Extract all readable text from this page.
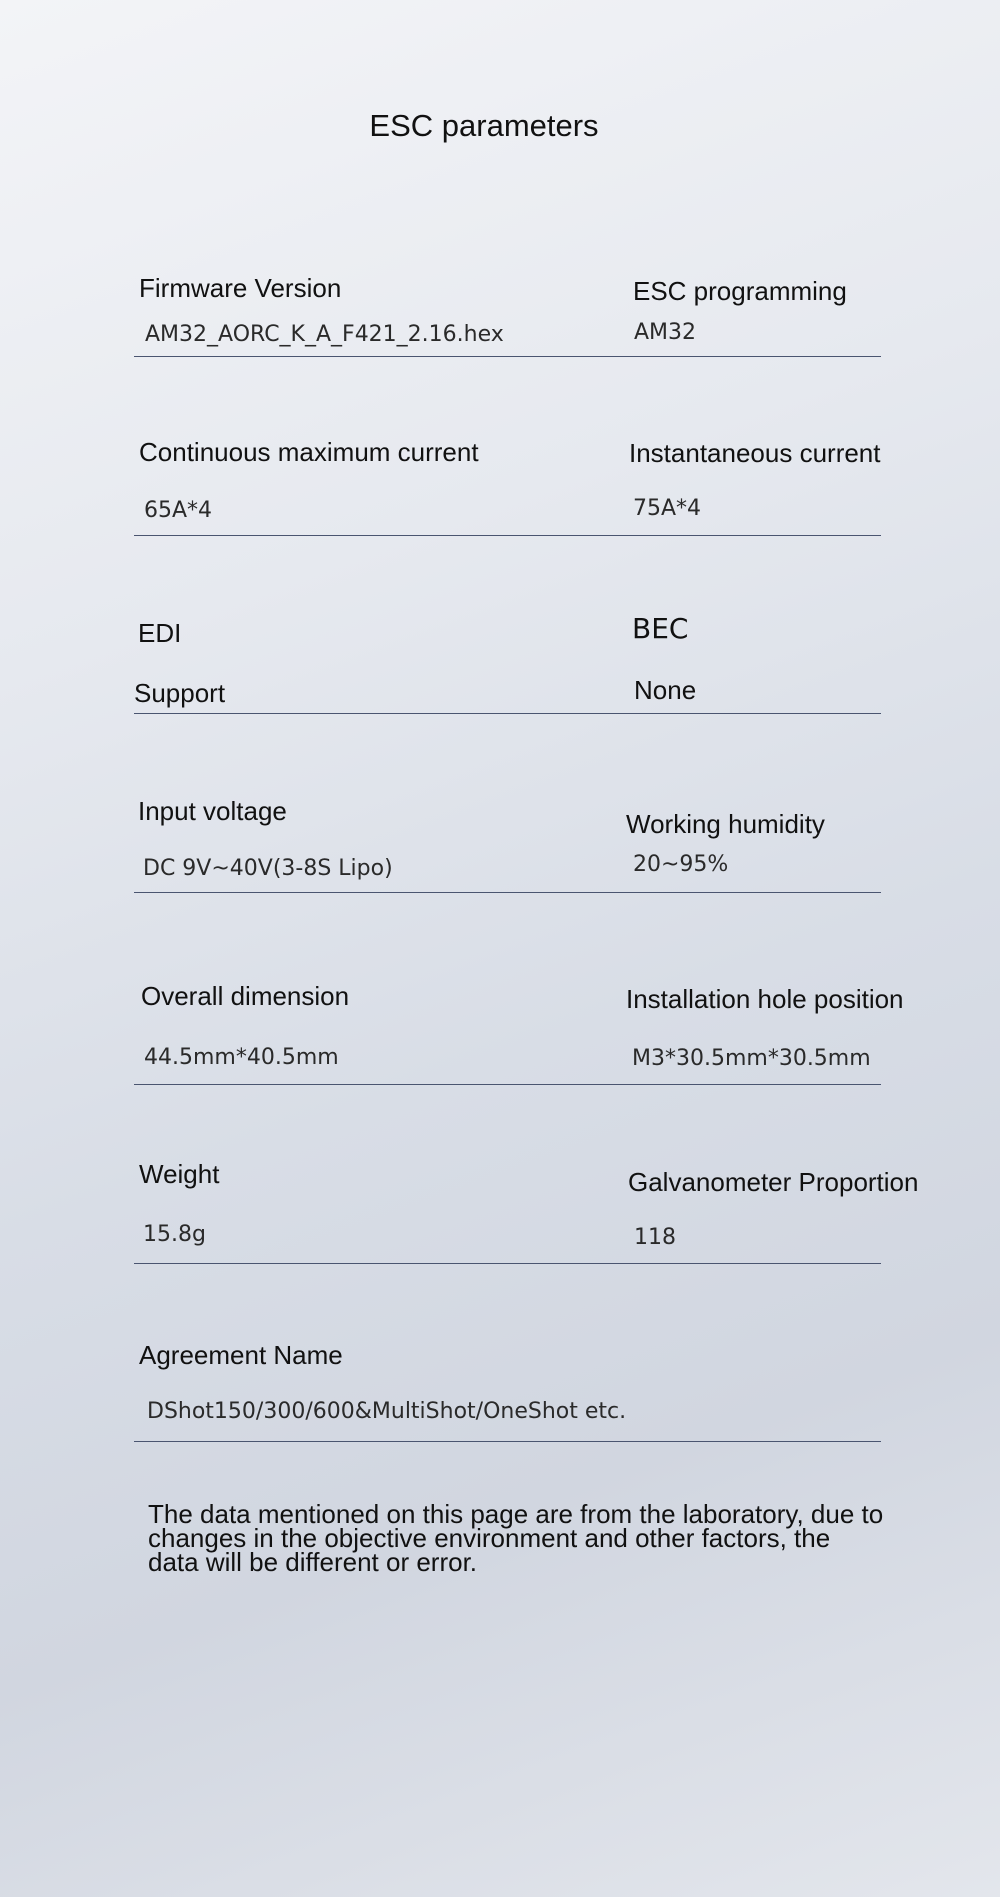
ESC parameters
Firmware Version
AM32_AORC_K_A_F421_2.16.hex
ESC programming
AM32
Continuous maximum current
65A*4
Instantaneous current
75A*4
EDI
Support
BEC
None
Input voltage
DC 9V~40V(3-8S Lipo)
Working humidity
20~95%
Overall dimension
44.5mm*40.5mm
Installation hole position
M3*30.5mm*30.5mm
Weight
15.8g
Galvanometer Proportion
118
Agreement Name
DShot150/300/600&MultiShot/OneShot etc.

The data mentioned on this page are from the laboratory, due to changes in the objective environment and other factors, the data will be different or error.
